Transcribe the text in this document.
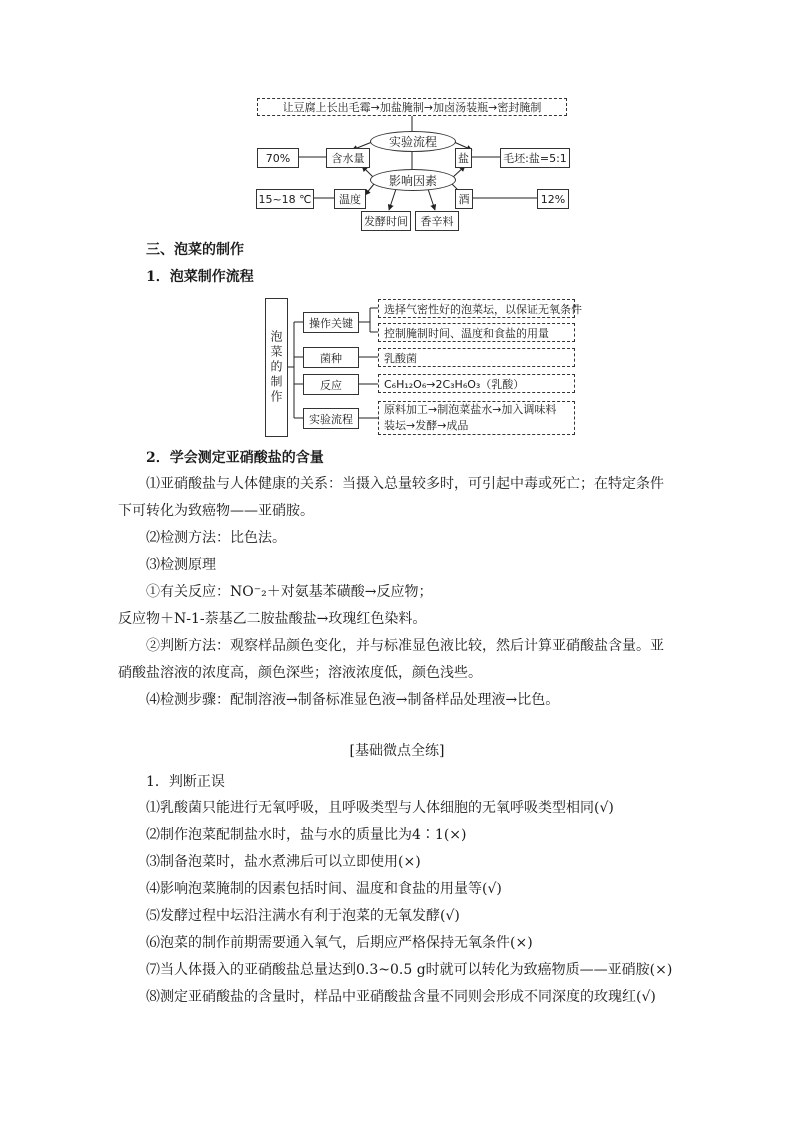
让豆腐上长出毛霉→加盐腌制→加卤汤装瓶→密封腌制
实验流程
影响因素
70%	含水量	盐	毛坯:盐=5:1
15~18 ℃ 温度	酒	12%
发酵时间 香辛料
三、泡菜的制作
1．泡菜制作流程
泡菜的制作
操作关键
菌种
反应
实验流程
选择气密性好的泡菜坛，以保证无氧条件
控制腌制时间、温度和食盐的用量
乳酸菌
C₆H₁₂O₆→2C₃H₆O₃（乳酸）
原料加工→制泡菜盐水→加入调味料
装坛→发酵→成品
2．学会测定亚硝酸盐的含量
⑴亚硝酸盐与人体健康的关系：当摄入总量较多时，可引起中毒或死亡；在特定条件
下可转化为致癌物——亚硝胺。
⑵检测方法：比色法。
⑶检测原理
①有关反应：NO⁻₂＋对氨基苯磺酸→反应物；
反应物＋N-1-萘基乙二胺盐酸盐→玫瑰红色染料。
②判断方法：观察样品颜色变化，并与标准显色液比较，然后计算亚硝酸盐含量。亚
硝酸盐溶液的浓度高，颜色深些；溶液浓度低，颜色浅些。
⑷检测步骤：配制溶液→制备标准显色液→制备样品处理液→比色。
[基础微点全练]
1．判断正误
⑴乳酸菌只能进行无氧呼吸，且呼吸类型与人体细胞的无氧呼吸类型相同(√)
⑵制作泡菜配制盐水时，盐与水的质量比为4∶1(×)
⑶制备泡菜时，盐水煮沸后可以立即使用(×)
⑷影响泡菜腌制的因素包括时间、温度和食盐的用量等(√)
⑸发酵过程中坛沿注满水有利于泡菜的无氧发酵(√)
⑹泡菜的制作前期需要通入氧气，后期应严格保持无氧条件(×)
⑺当人体摄入的亚硝酸盐总量达到0.3~0.5 g时就可以转化为致癌物质——亚硝胺(×)
⑻测定亚硝酸盐的含量时，样品中亚硝酸盐含量不同则会形成不同深度的玫瑰红(√)
